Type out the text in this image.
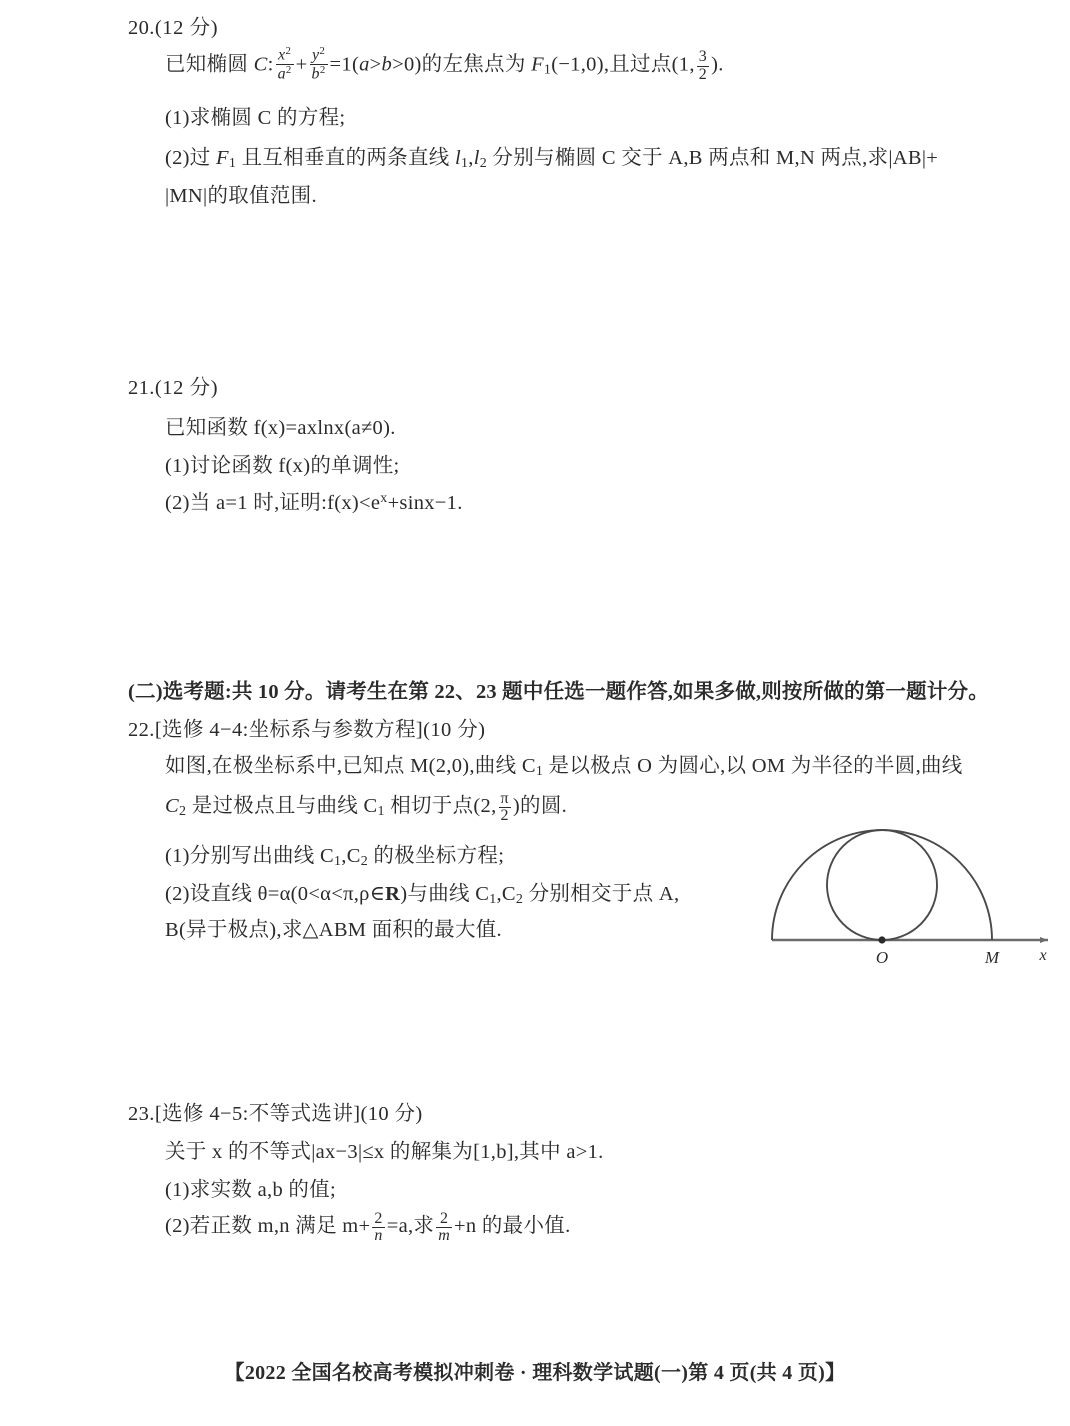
20.(12 分)
已知椭圆 C: $\frac{x^2}{a^2} + \frac{y^2}{b^2} =1(a>b>0)$的左焦点为 F1(−1,0),且过点(1, $\frac{3}{2}$ ).
(1)求椭圆 C 的方程;
(2)过 F1 且互相垂直的两条直线 l1,l2 分别与椭圆 C 交于 A,B 两点和 M,N 两点,求|AB|+
|MN|的取值范围.
21.(12 分)
已知函数 f(x)=axlnx(a≠0).
(1)讨论函数 f(x)的单调性;
(2)当 a=1 时,证明$:f(x)<e^x+\sin x-1$.
(二)选考题:共 10 分。请考生在第 22、23 题中任选一题作答,如果多做,则按所做的第一题计分。
22.[选修 4−4:坐标系与参数方程](10 分)
如图,在极坐标系中,已知点 M(2,0),曲线 C1 是以极点 O 为圆心,以 OM 为半径的半圆,曲线
C2 是过极点且与曲线 C1 相切于点(2, $\frac{\pi}{2}$ )的圆.
(1)分别写出曲线 C1,C2 的极坐标方程;
(2)设直线 θ=α(0<α<π,ρ∈R)与曲线 C1,C2 分别相交于点 A,
B(异于极点),求△ABM 面积的最大值.
O	M	x
23.[选修 4−5:不等式选讲](10 分)
关于 x 的不等式|ax−3|≤x 的解集为[1,b],其中 a>1.
(1)求实数 a,b 的值;
(2)若正数 m,n 满足 $m+ \frac{2}{n} =a$,求 $\frac{2}{m} +n$ 的最小值.
【2022 全国名校高考模拟冲刺卷 · 理科数学试题(一)第 4 页(共 4 页)】
